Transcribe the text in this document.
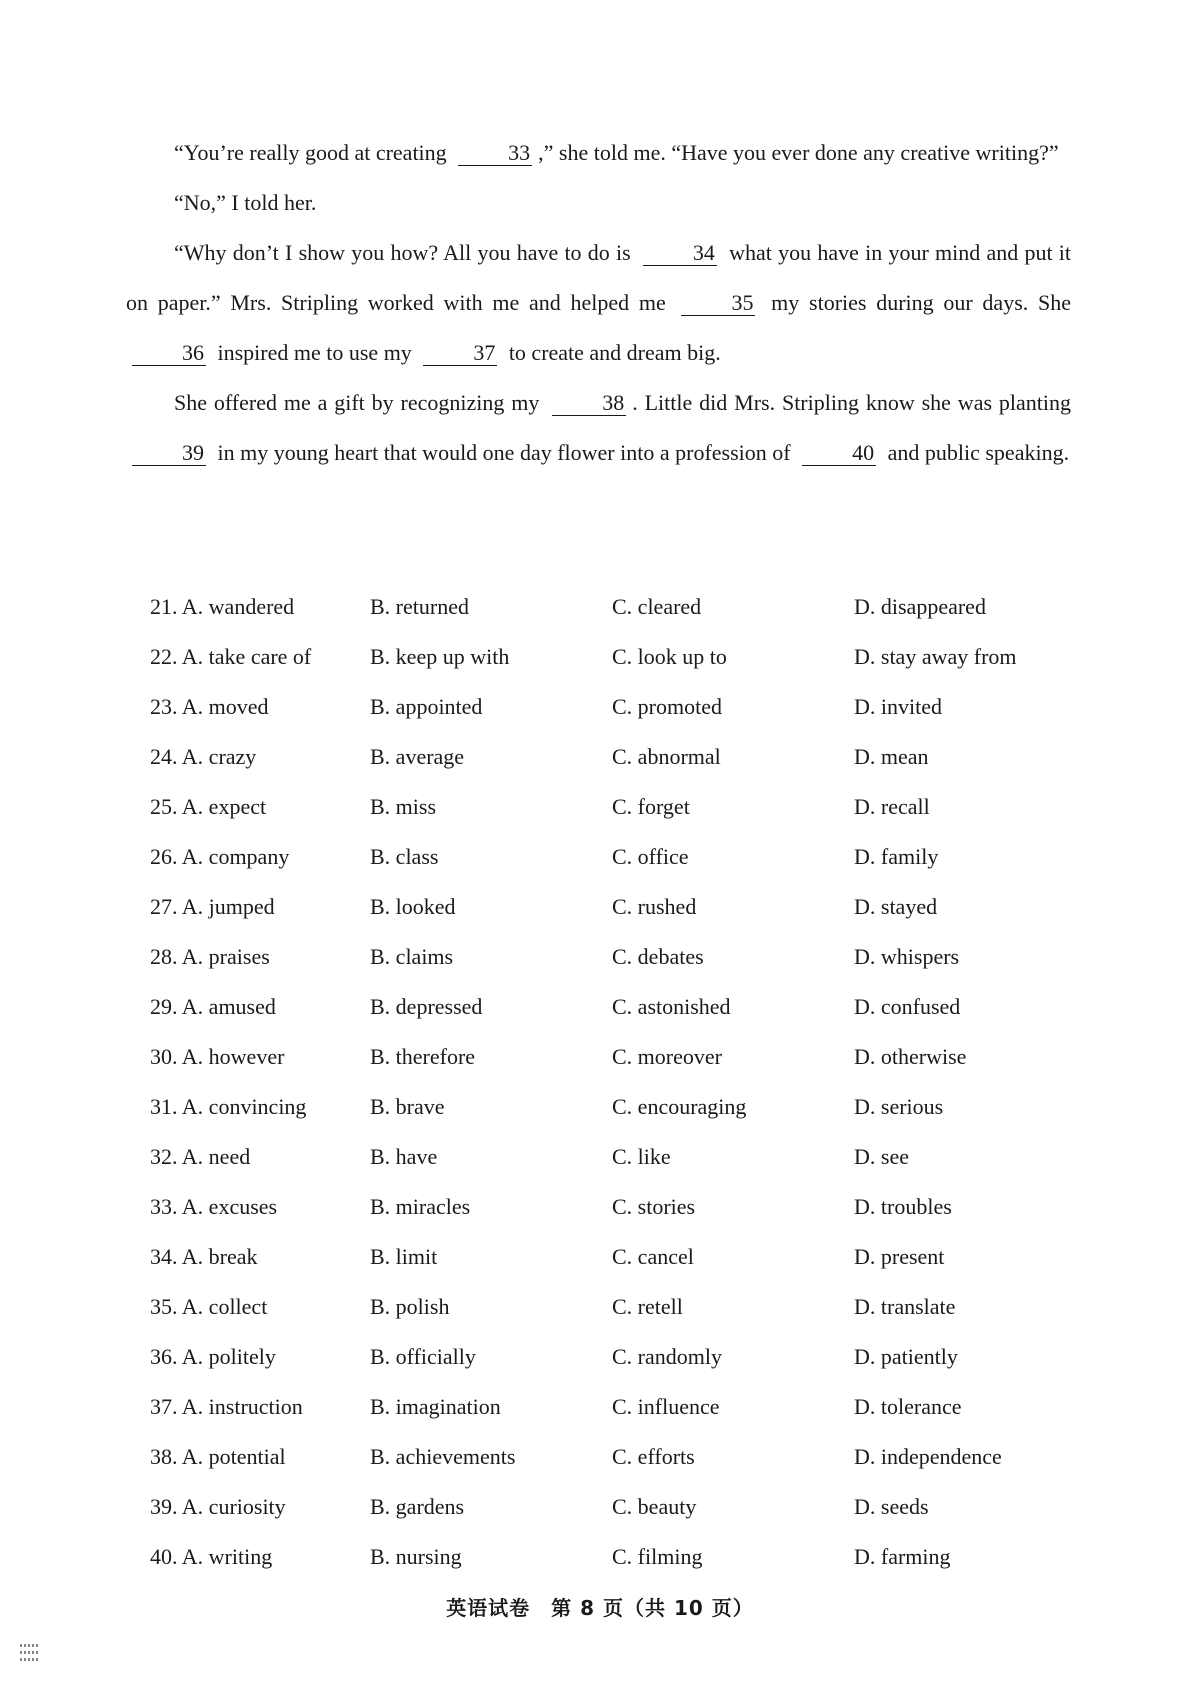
“You’re really good at creating	33 ,” she told me. “Have you ever done any creative writing?”

“No,” I told her.

“Why don’t I show you how? All you have to do is	34 what you have in your mind and put it on paper.” Mrs. Stripling worked with me and helped me	35 my stories during our days. She 36 inspired me to use my	37 to create and dream big.

She offered me a gift by recognizing my	38 . Little did Mrs. Stripling know she was planting 39 in my young heart that would one day flower into a profession of	40 and public speaking.

21. A. wandered	B. returned	C. cleared	D. disappeared
22. A. take care of	B. keep up with	C. look up to	D. stay away from
23. A. moved	B. appointed	C. promoted	D. invited
24. A. crazy	B. average	C. abnormal	D. mean
25. A. expect	B. miss	C. forget	D. recall
26. A. company	B. class	C. office	D. family
27. A. jumped	B. looked	C. rushed	D. stayed
28. A. praises	B. claims	C. debates	D. whispers
29. A. amused	B. depressed	C. astonished	D. confused
30. A. however	B. therefore	C. moreover	D. otherwise
31. A. convincing	B. brave	C. encouraging	D. serious
32. A. need	B. have	C. like	D. see
33. A. excuses	B. miracles	C. stories	D. troubles
34. A. break	B. limit	C. cancel	D. present
35. A. collect	B. polish	C. retell	D. translate
36. A. politely	B. officially	C. randomly	D. patiently
37. A. instruction	B. imagination	C. influence	D. tolerance
38. A. potential	B. achievements	C. efforts	D. independence
39. A. curiosity	B. gardens	C. beauty	D. seeds
40. A. writing	B. nursing	C. filming	D. farming
英语试卷　第 8 页（共 10 页）
